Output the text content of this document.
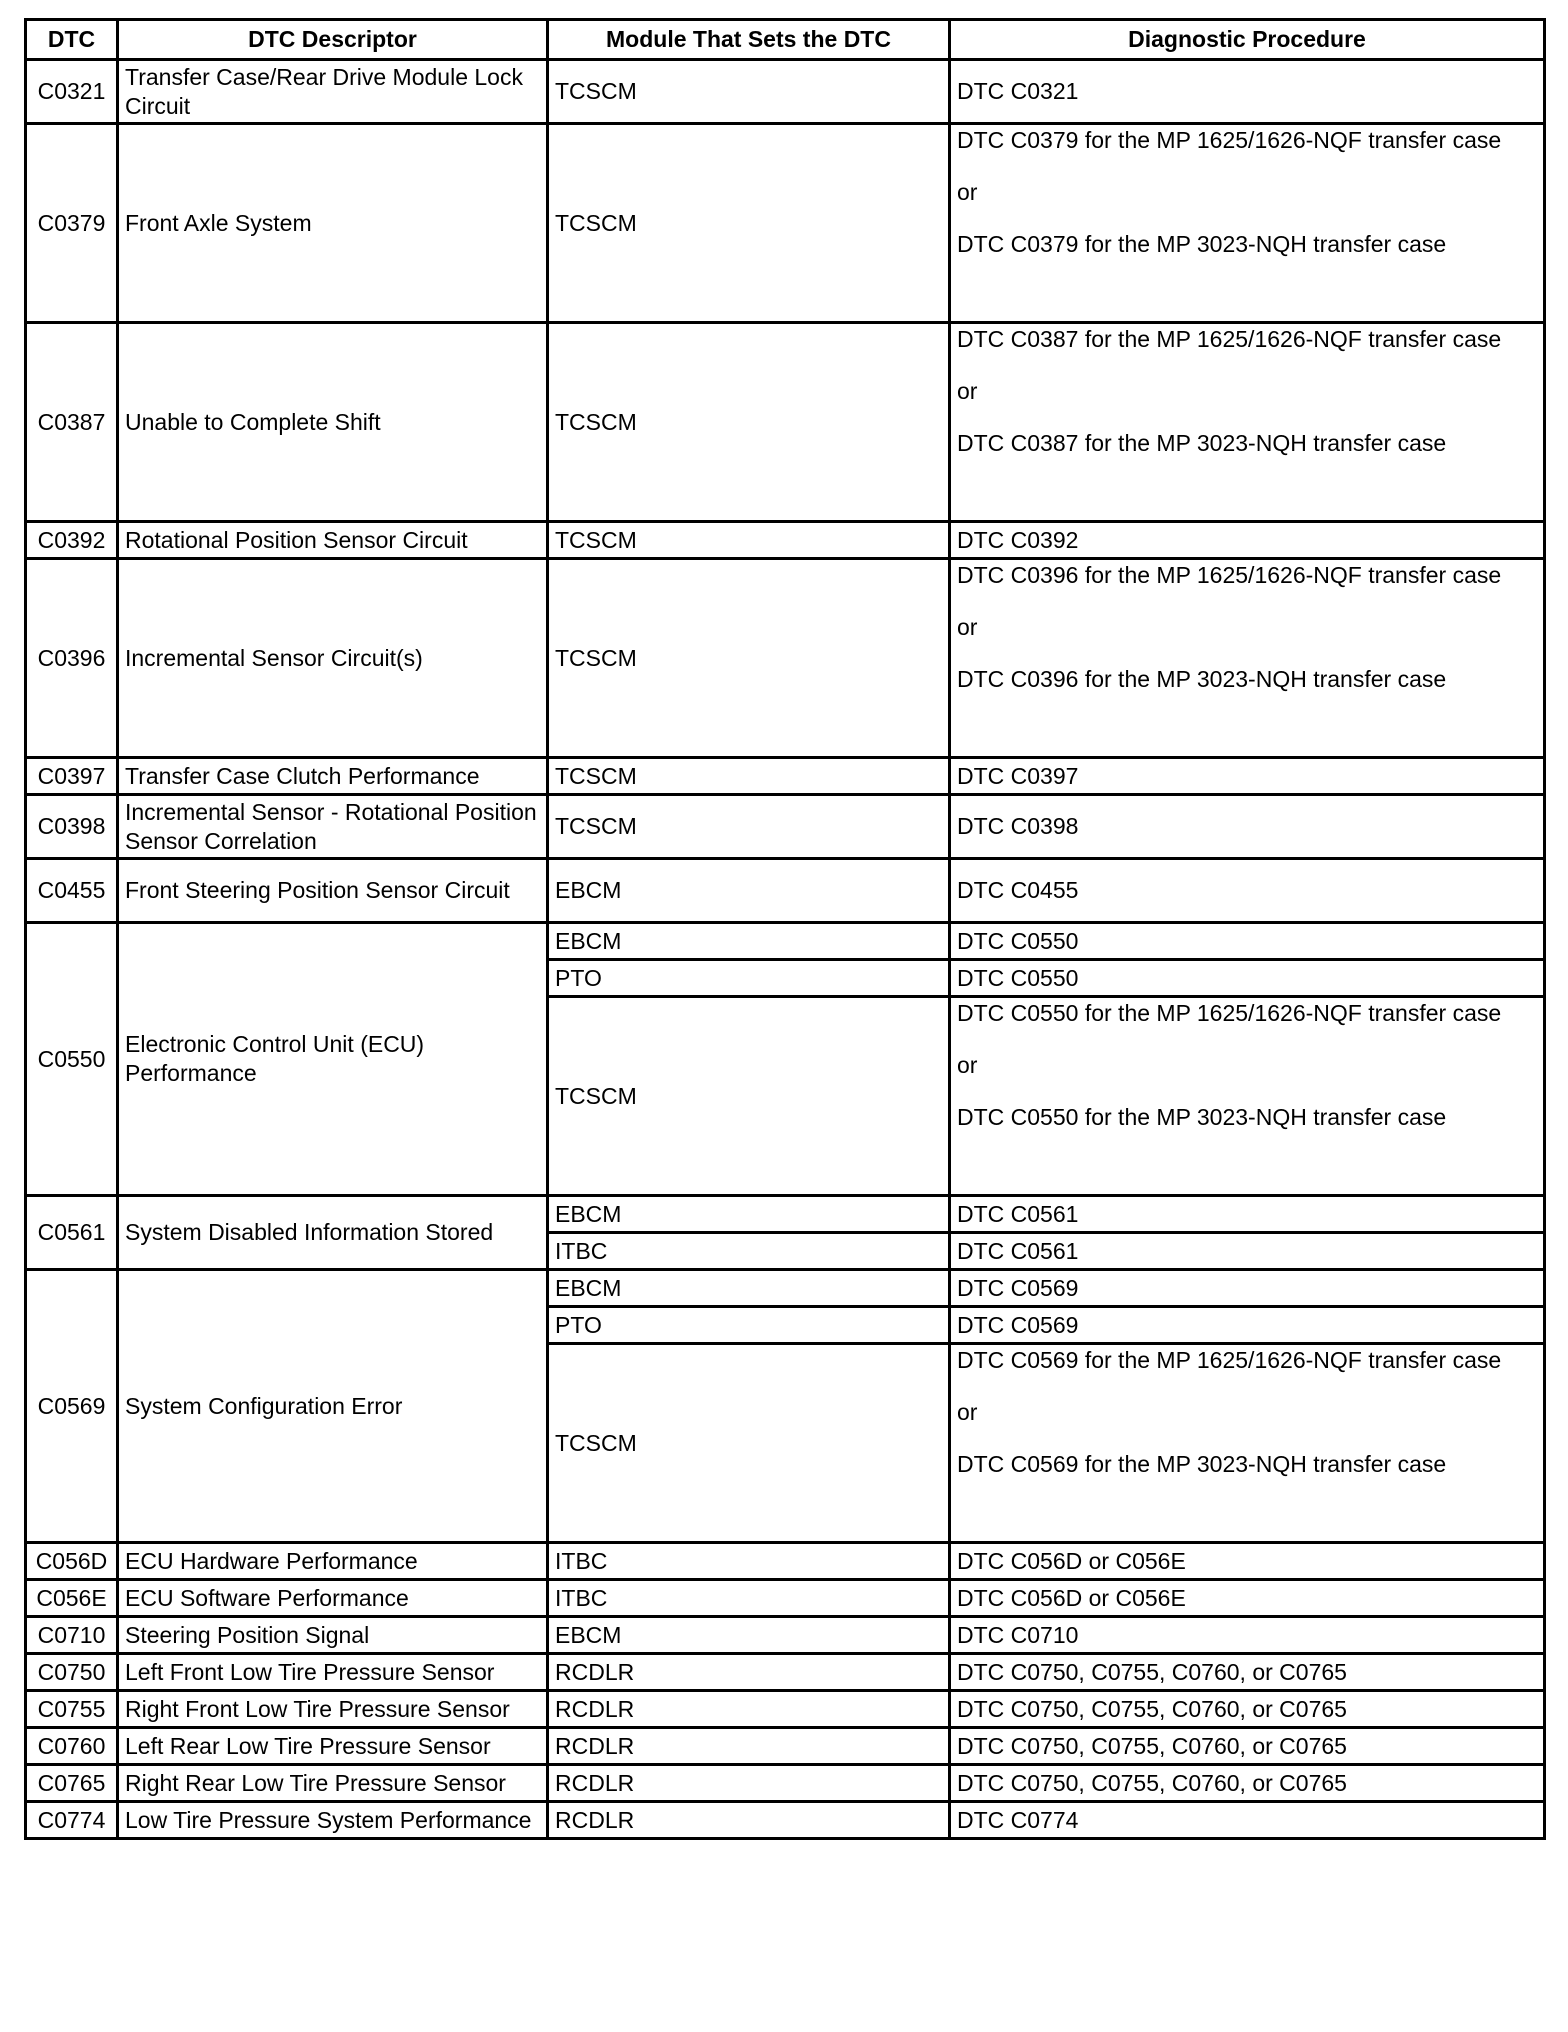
DTC	DTC Descriptor	Module That Sets the DTC	Diagnostic Procedure
C0321	Transfer Case/Rear Drive Module Lock Circuit	TCSCM	DTC C0321

C0379	Front Axle System	TCSCM	DTC C0379 for the MP 1625/1626-NQF transfer case
or
DTC C0379 for the MP 3023-NQH transfer case

C0387	Unable to Complete Shift	TCSCM	DTC C0387 for the MP 1625/1626-NQF transfer case
or
DTC C0387 for the MP 3023-NQH transfer case

C0392	Rotational Position Sensor Circuit	TCSCM	DTC C0392

C0396	Incremental Sensor Circuit(s)	TCSCM	DTC C0396 for the MP 1625/1626-NQF transfer case
or
DTC C0396 for the MP 3023-NQH transfer case

C0397	Transfer Case Clutch Performance	TCSCM	DTC C0397

C0398	Incremental Sensor - Rotational Position Sensor Correlation	TCSCM	DTC C0398

C0455	Front Steering Position Sensor Circuit	EBCM	DTC C0455

C0550	Electronic Control Unit (ECU) Performance	EBCM	DTC C0550

		PTO	DTC C0550

		TCSCM	DTC C0550 for the MP 1625/1626-NQF transfer case
or
DTC C0550 for the MP 3023-NQH transfer case

C0561	System Disabled Information Stored	EBCM	DTC C0561

		ITBC	DTC C0561

C0569	System Configuration Error	EBCM	DTC C0569

		PTO	DTC C0569

		TCSCM	DTC C0569 for the MP 1625/1626-NQF transfer case
or
DTC C0569 for the MP 3023-NQH transfer case

C056D	ECU Hardware Performance	ITBC	DTC C056D or C056E

C056E	ECU Software Performance	ITBC	DTC C056D or C056E

C0710	Steering Position Signal	EBCM	DTC C0710

C0750	Left Front Low Tire Pressure Sensor	RCDLR	DTC C0750, C0755, C0760, or C0765

C0755	Right Front Low Tire Pressure Sensor	RCDLR	DTC C0750, C0755, C0760, or C0765

C0760	Left Rear Low Tire Pressure Sensor	RCDLR	DTC C0750, C0755, C0760, or C0765

C0765	Right Rear Low Tire Pressure Sensor	RCDLR	DTC C0750, C0755, C0760, or C0765

C0774	Low Tire Pressure System Performance	RCDLR	DTC C0774
